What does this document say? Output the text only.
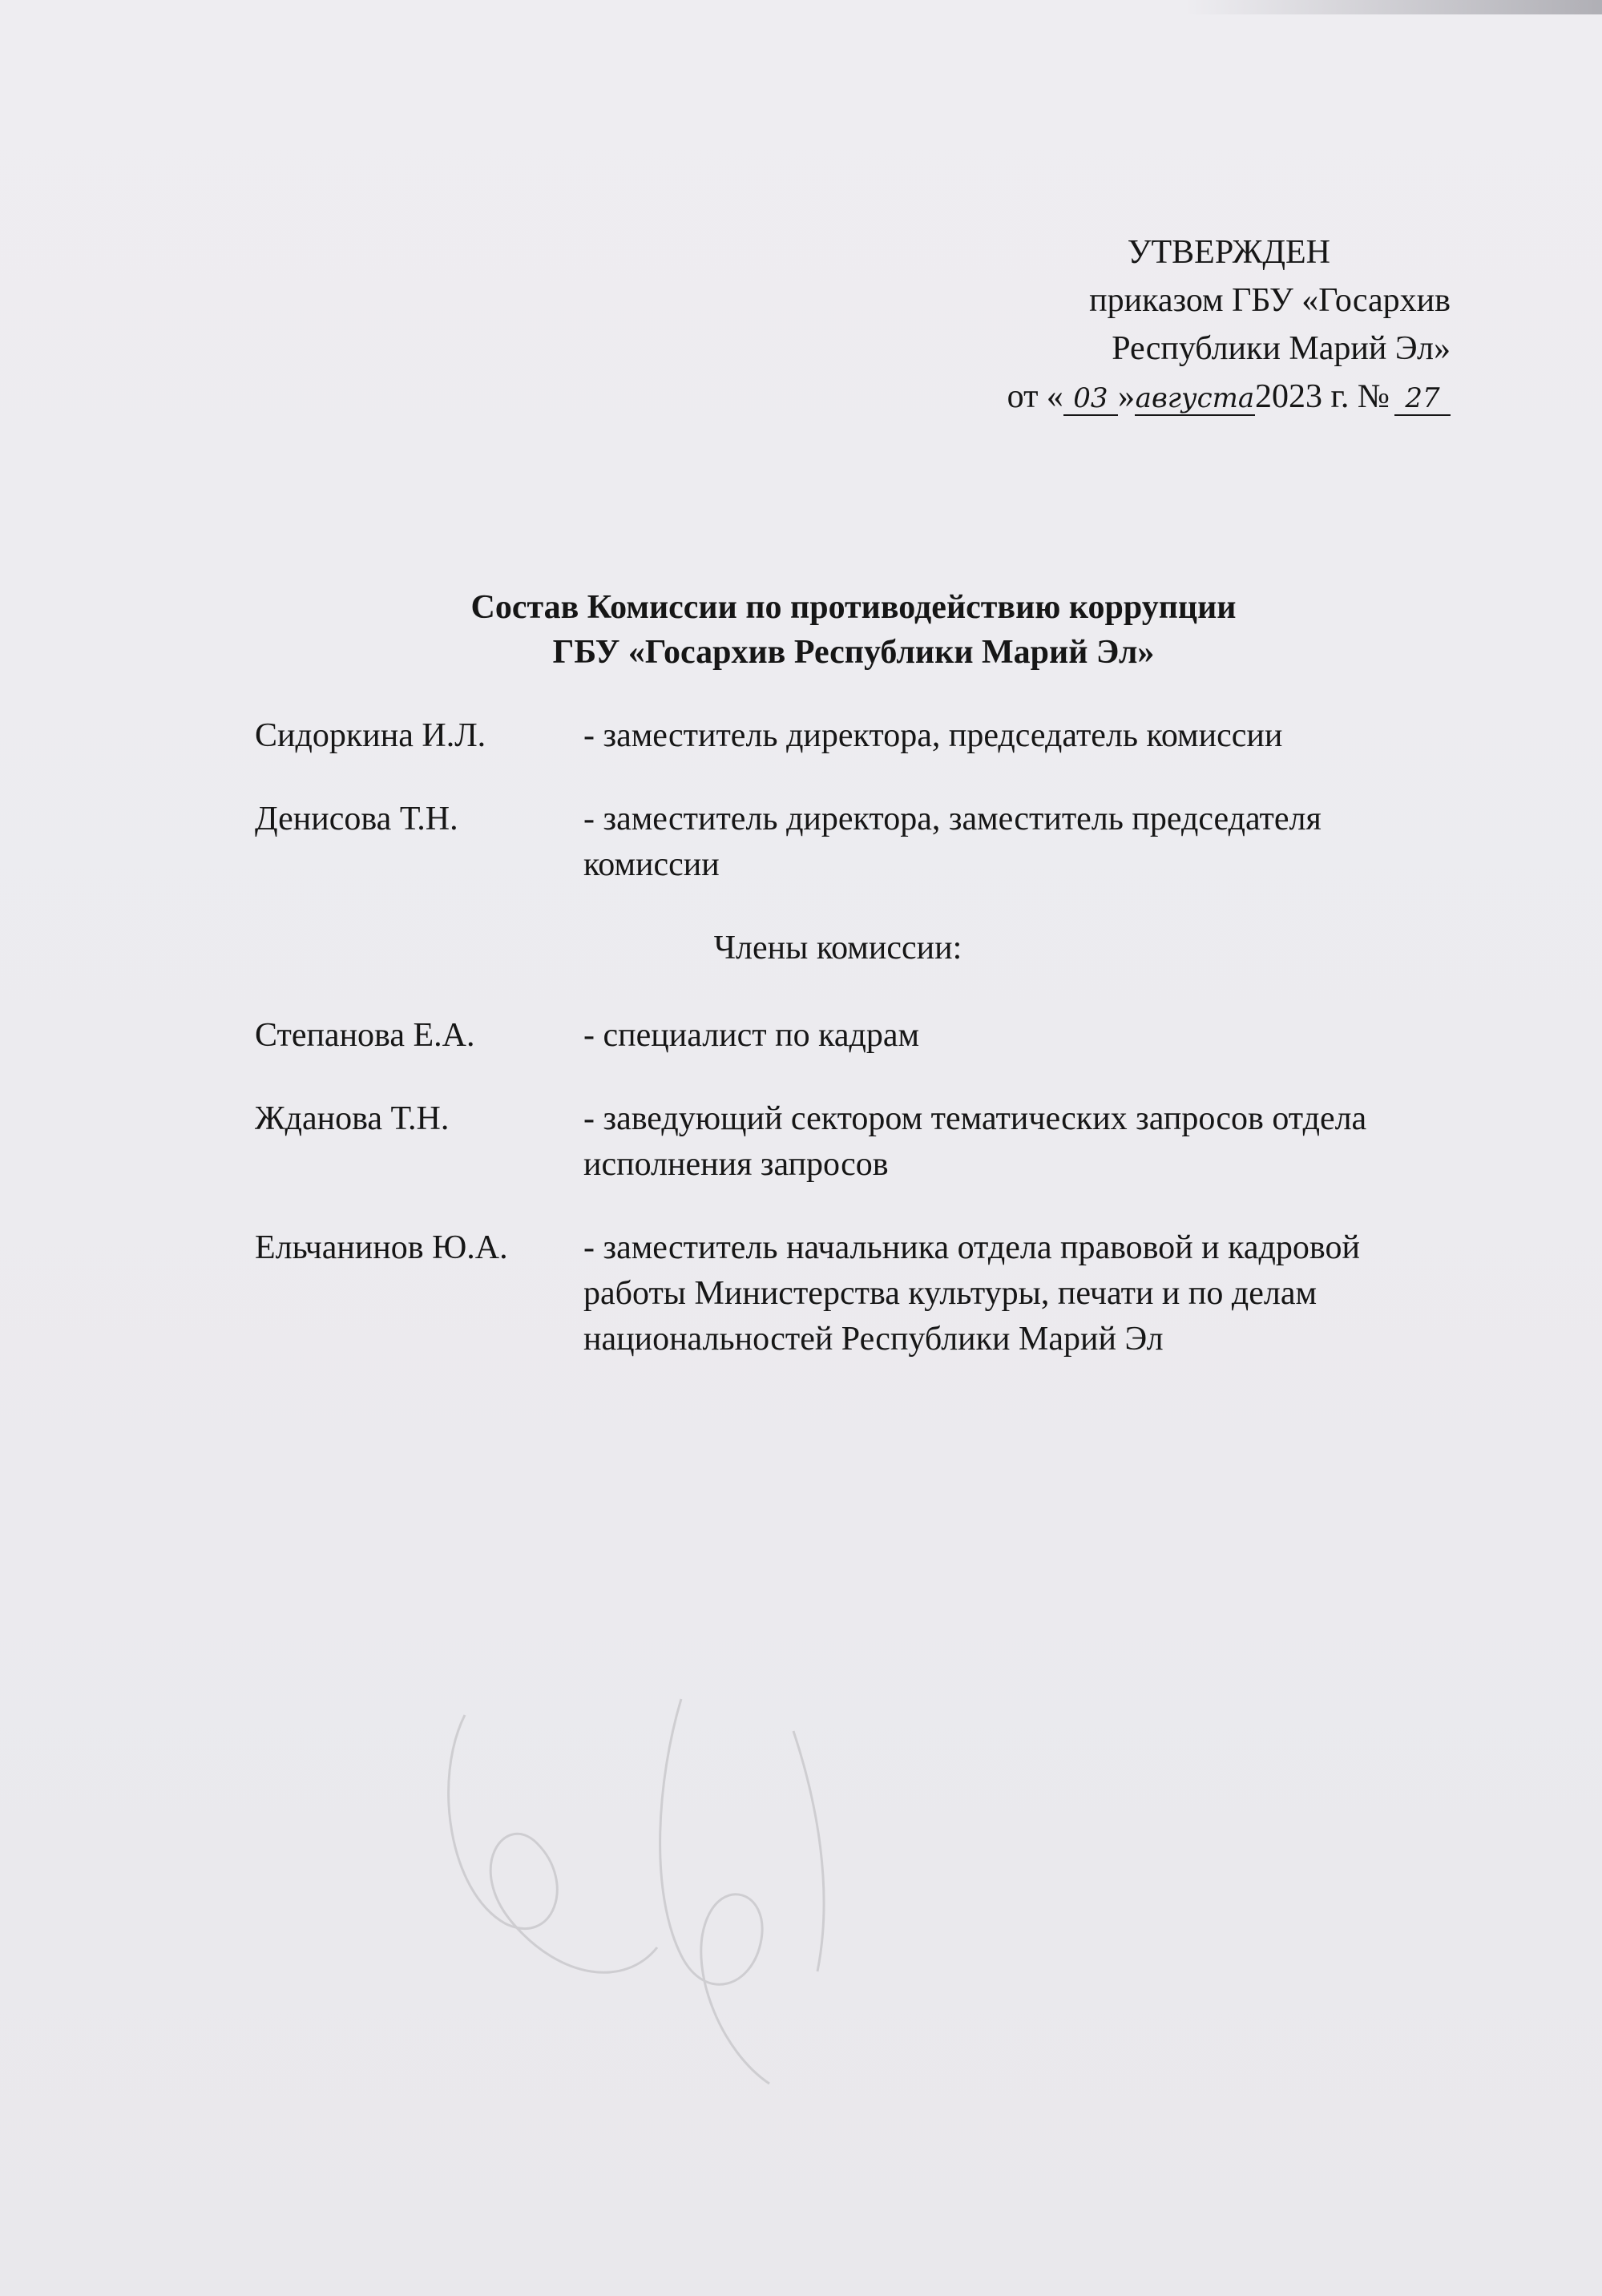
УТВЕРЖДЕН
приказом ГБУ «Госархив
Республики Марий Эл»
от « 03 »августа2023 г. № 27
Состав Комиссии по противодействию коррупции
ГБУ «Госархив Республики Марий Эл»
Сидоркина И.Л.	- заместитель директора, председатель комиссии
Денисова Т.Н.	- заместитель директора, заместитель председателя комиссии
Члены комиссии:
Степанова Е.А.	- специалист по кадрам
Жданова Т.Н.	- заведующий сектором тематических запросов отдела исполнения запросов
Ельчанинов Ю.А.	- заместитель начальника отдела правовой и кадровой работы Министерства культуры, печати и по делам национальностей Республики Марий Эл
